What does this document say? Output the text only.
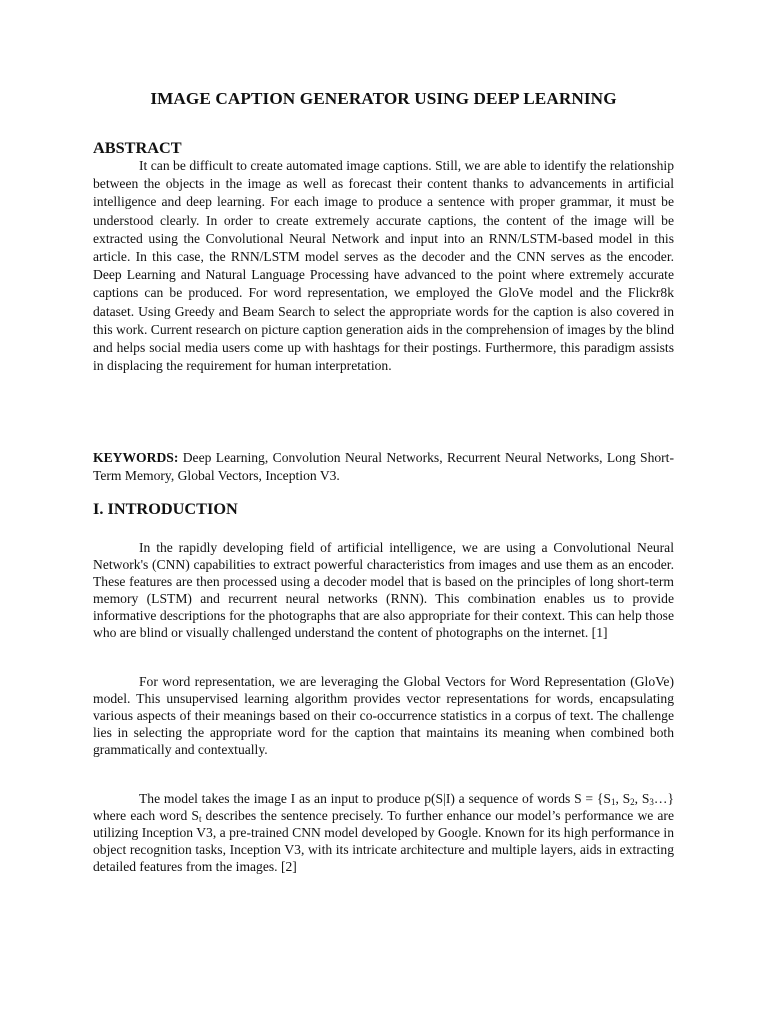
IMAGE CAPTION GENERATOR USING DEEP LEARNING
ABSTRACT

It can be difficult to create automated image captions. Still, we are able to identify the relationship between the objects in the image as well as forecast their content thanks to advancements in artificial intelligence and deep learning. For each image to produce a sentence with proper grammar, it must be understood clearly. In order to create extremely accurate captions, the content of the image will be extracted using the Convolutional Neural Network and input into an RNN/LSTM-based model in this article. In this case, the RNN/LSTM model serves as the decoder and the CNN serves as the encoder. Deep Learning and Natural Language Processing have advanced to the point where extremely accurate captions can be produced. For word representation, we employed the GloVe model and the Flickr8k dataset. Using Greedy and Beam Search to select the appropriate words for the caption is also covered in this work. Current research on picture caption generation aids in the comprehension of images by the blind and helps social media users come up with hashtags for their postings. Furthermore, this paradigm assists in displacing the requirement for human interpretation.

KEYWORDS: Deep Learning, Convolution Neural Networks, Recurrent Neural Networks, Long Short-Term Memory, Global Vectors, Inception V3.

I. INTRODUCTION

In the rapidly developing field of artificial intelligence, we are using a Convolutional Neural Network's (CNN) capabilities to extract powerful characteristics from images and use them as an encoder. These features are then processed using a decoder model that is based on the principles of long short-term memory (LSTM) and recurrent neural networks (RNN). This combination enables us to provide informative descriptions for the photographs that are also appropriate for their context. This can help those who are blind or visually challenged understand the content of photographs on the internet. [1]

For word representation, we are leveraging the Global Vectors for Word Representation (GloVe) model. This unsupervised learning algorithm provides vector representations for words, encapsulating various aspects of their meanings based on their co-occurrence statistics in a corpus of text. The challenge lies in selecting the appropriate word for the caption that maintains its meaning when combined both grammatically and contextually.

The model takes the image I as an input to produce p(S|I) a sequence of words $S = \{S_1$, $S_2$, $S_3\dots$} where each word $S_t$ describes the sentence precisely. To further enhance our model’s performance we are utilizing Inception V3, a pre-trained CNN model developed by Google. Known for its high performance in object recognition tasks, Inception V3, with its intricate architecture and multiple layers, aids in extracting detailed features from the images. [2]
